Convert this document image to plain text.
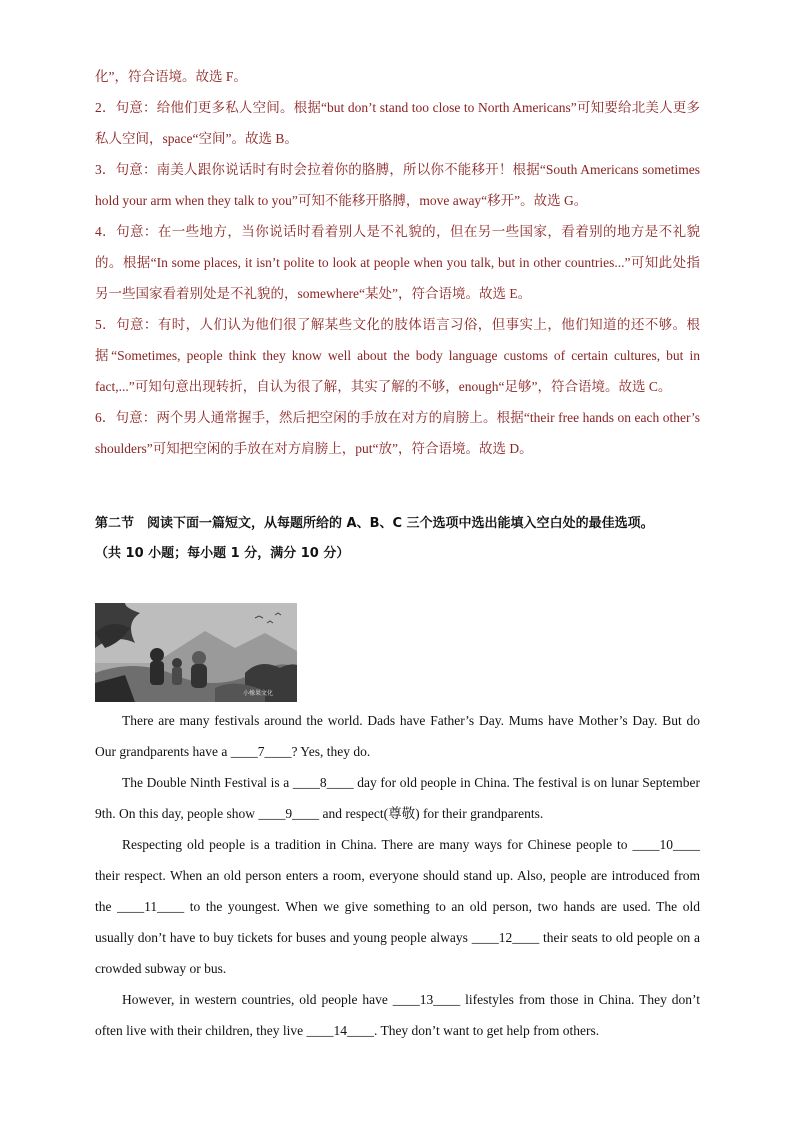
化”，符合语境。故选 F。

2．句意：给他们更多私人空间。根据“but don’t stand too close to North Americans”可知要给北美人更多私人空间，space“空间”。故选 B。

3．句意：南美人跟你说话时有时会拉着你的胳膊，所以你不能移开！根据“South Americans sometimes hold your arm when they talk to you”可知不能移开胳膊，move away“移开”。故选 G。

4．句意：在一些地方，当你说话时看着别人是不礼貌的，但在另一些国家，看着别的地方是不礼貌的。根据“In some places, it isn’t polite to look at people when you talk, but in other countries...”可知此处指另一些国家看着别处是不礼貌的，somewhere“某处”，符合语境。故选 E。

5．句意：有时，人们认为他们很了解某些文化的肢体语言习俗，但事实上，他们知道的还不够。根据“Sometimes, people think they know well about the body language customs of certain cultures, but in fact,...”可知句意出现转折，自认为很了解，其实了解的不够，enough“足够”，符合语境。故选 C。

6．句意：两个男人通常握手，然后把空闲的手放在对方的肩膀上。根据“their free hands on each other’s shoulders”可知把空闲的手放在对方肩膀上，put“放”，符合语境。故选 D。

第二节　阅读下面一篇短文，从每题所给的 A、B、C 三个选项中选出能填入空白处的最佳选项。

（共 10 小题；每小题 1 分，满分 10 分）

小橡果文化

There are many festivals around the world. Dads have Father’s Day. Mums have Mother’s Day. But do Our grandparents have a ____7____? Yes, they do.

The Double Ninth Festival is a ____8____ day for old people in China. The festival is on lunar September 9th. On this day, people show ____9____ and respect(尊敬) for their grandparents.

Respecting old people is a tradition in China. There are many ways for Chinese people to ____10____ their respect. When an old person enters a room, everyone should stand up. Also, people are introduced from the ____11____ to the youngest. When we give something to an old person, two hands are used. The old usually don’t have to buy tickets for buses and young people always ____12____ their seats to old people on a crowded subway or bus.

However, in western countries, old people have ____13____ lifestyles from those in China. They don’t often live with their children, they live ____14____. They don’t want to get help from others.
